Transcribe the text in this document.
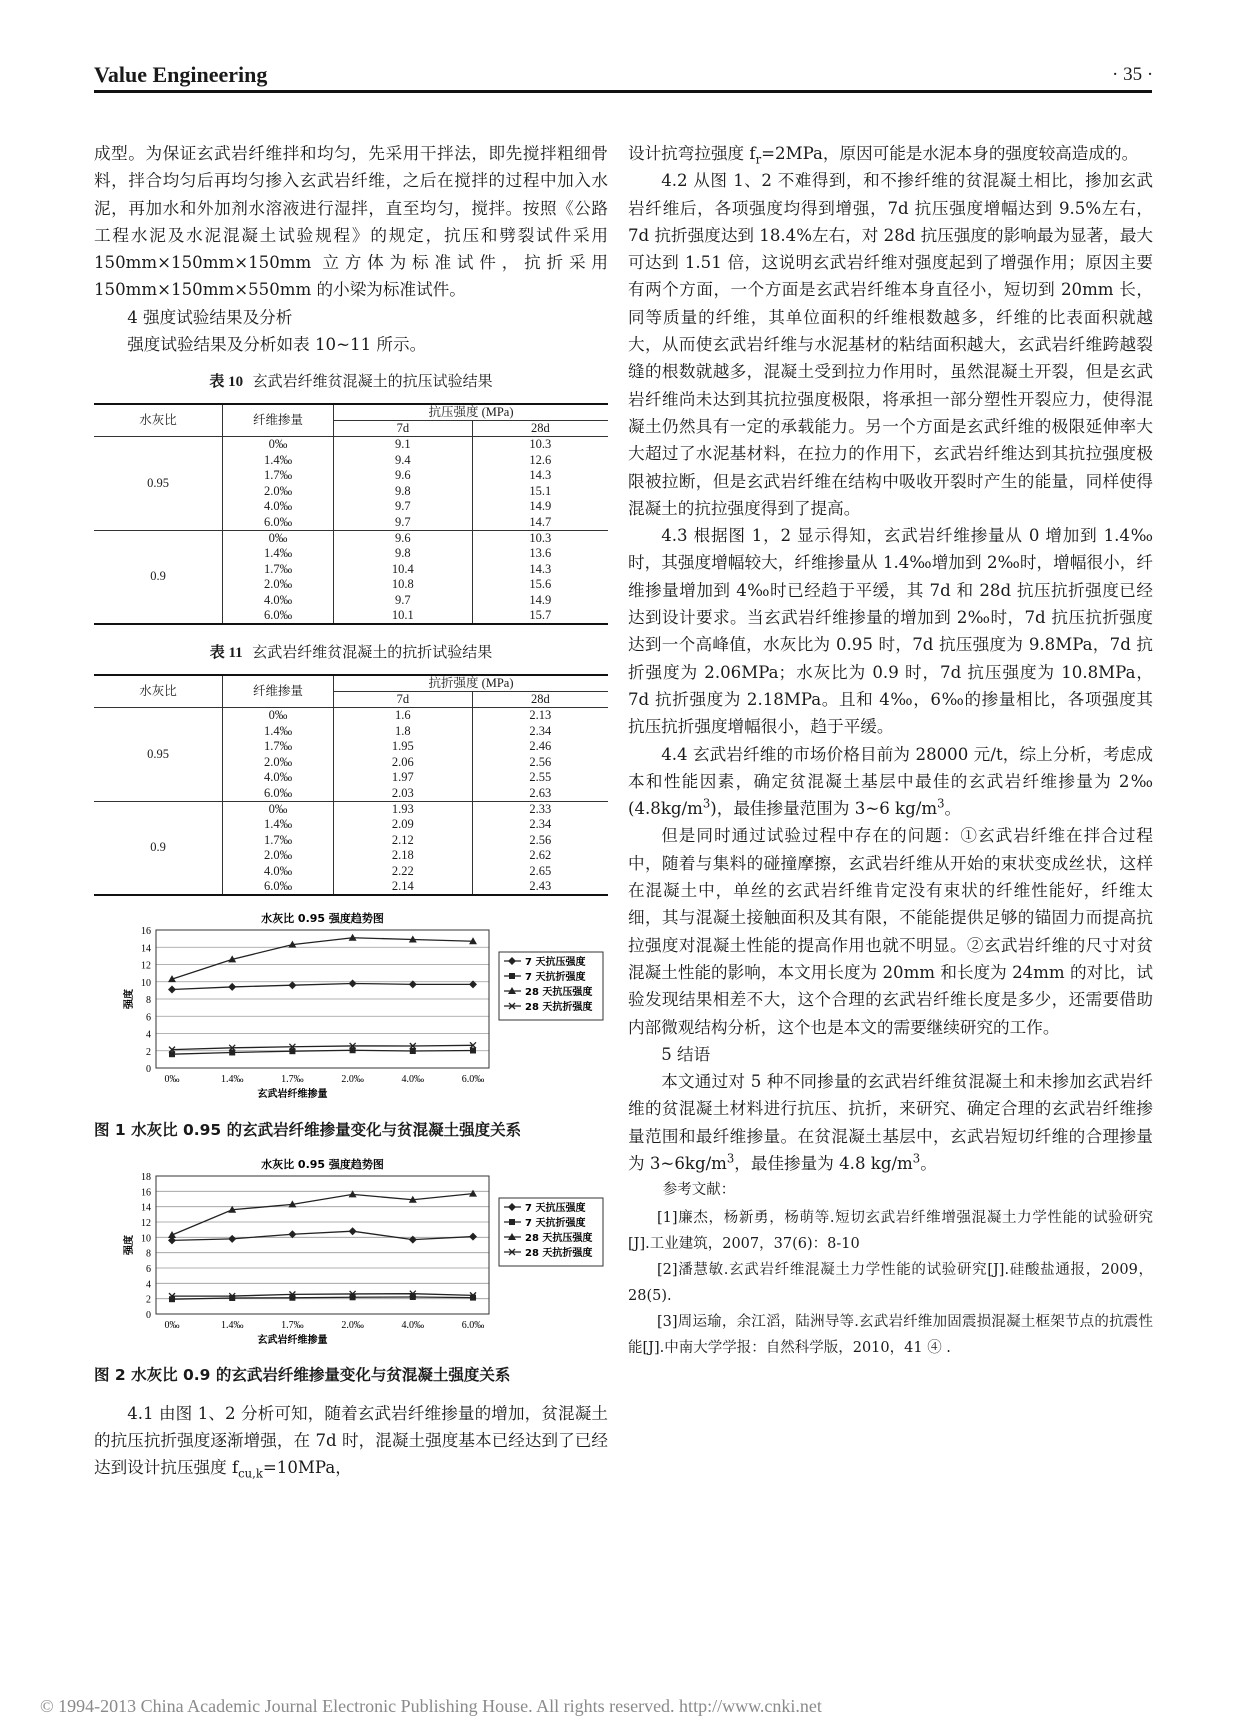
Value Engineering	· 35 ·

成型。为保证玄武岩纤维拌和均匀，先采用干拌法，即先搅拌粗细骨料，拌合均匀后再均匀掺入玄武岩纤维，之后在搅拌的过程中加入水泥，再加水和外加剂水溶液进行湿拌，直至均匀，搅拌。按照《公路工程水泥及水泥混凝土试验规程》的规定，抗压和劈裂试件采用 150mm×150mm×150mm 立方体为标准试件，抗折采用 150mm×150mm×550mm 的小梁为标准试件。

4 强度试验结果及分析

强度试验结果及分析如表 10~11 所示。

表 10 玄武岩纤维贫混凝土的抗压试验结果
水灰比	纤维掺量	抗压强度 (MPa)	
		7d	28d
0.95	0‰	9.1	10.3
	1.4‰	9.4	12.6
	1.7‰	9.6	14.3
	2.0‰	9.8	15.1
	4.0‰	9.7	14.9
	6.0‰	9.7	14.7
0.9	0‰	9.6	10.3
	1.4‰	9.8	13.6
	1.7‰	10.4	14.3
	2.0‰	10.8	15.6
	4.0‰	9.7	14.9
	6.0‰	10.1	15.7
表 11 玄武岩纤维贫混凝土的抗折试验结果
水灰比	纤维掺量	抗折强度 (MPa)	
		7d	28d
0.95	0‰	1.6	2.13
	1.4‰	1.8	2.34
	1.7‰	1.95	2.46
	2.0‰	2.06	2.56
	4.0‰	1.97	2.55
	6.0‰	2.03	2.63
0.9	0‰	1.93	2.33
	1.4‰	2.09	2.34
	1.7‰	2.12	2.56
	2.0‰	2.18	2.62
	4.0‰	2.22	2.65
	6.0‰	2.14	2.43
水灰比 0.95 强度趋势图
0
2
4
6
8
10
12
14
16
0‰	1.4‰	1.7‰	2.0‰	4.0‰	6.0‰
玄武岩纤维掺量
强度
7 天抗压强度
7 天抗折强度
28 天抗压强度
28 天抗折强度
图 1 水灰比 0.95 的玄武岩纤维掺量变化与贫混凝土强度关系
水灰比 0.95 强度趋势图
0
2
4
6
8
10
12
14
16
18
0‰	1.4‰	1.7‰	2.0‰	4.0‰	6.0‰
玄武岩纤维掺量
强度
7 天抗压强度
7 天抗折强度
28 天抗压强度
28 天抗折强度
图 2 水灰比 0.9 的玄武岩纤维掺量变化与贫混凝土强度关系

4.1 由图 1、2 分析可知，随着玄武岩纤维掺量的增加，贫混凝土的抗压抗折强度逐渐增强，在 7d 时，混凝土强度基本已经达到了已经达到设计抗压强度 $f_{cu,k}=10MPa$，

设计抗弯拉强度 $f_r=2MPa$，原因可能是水泥本身的强度较高造成的。

4.2 从图 1、2 不难得到，和不掺纤维的贫混凝土相比，掺加玄武岩纤维后，各项强度均得到增强，7d 抗压强度增幅达到 9.5%左右，7d 抗折强度达到 18.4%左右，对 28d 抗压强度的影响最为显著，最大可达到 1.51 倍，这说明玄武岩纤维对强度起到了增强作用；原因主要有两个方面，一个方面是玄武岩纤维本身直径小，短切到 20mm 长，同等质量的纤维，其单位面积的纤维根数越多，纤维的比表面积就越大，从而使玄武岩纤维与水泥基材的粘结面积越大，玄武岩纤维跨越裂缝的根数就越多，混凝土受到拉力作用时，虽然混凝土开裂，但是玄武岩纤维尚未达到其抗拉强度极限，将承担一部分塑性开裂应力，使得混凝土仍然具有一定的承载能力。另一个方面是玄武纤维的极限延伸率大大超过了水泥基材料，在拉力的作用下，玄武岩纤维达到其抗拉强度极限被拉断，但是玄武岩纤维在结构中吸收开裂时产生的能量，同样使得混凝土的抗拉强度得到了提高。

4.3 根据图 1，2 显示得知，玄武岩纤维掺量从 0 增加到 1.4‰时，其强度增幅较大，纤维掺量从 1.4‰增加到 2‰时，增幅很小，纤维掺量增加到 4‰时已经趋于平缓，其 7d 和 28d 抗压抗折强度已经达到设计要求。当玄武岩纤维掺量的增加到 2‰时，7d 抗压抗折强度达到一个高峰值，水灰比为 0.95 时，7d 抗压强度为 9.8MPa，7d 抗折强度为 2.06MPa；水灰比为 0.9 时，7d 抗压强度为 10.8MPa，7d 抗折强度为 2.18MPa。且和 4‰，6‰的掺量相比，各项强度其抗压抗折强度增幅很小，趋于平缓。

4.4 玄武岩纤维的市场价格目前为 28000 元/t，综上分析，考虑成本和性能因素，确定贫混凝土基层中最佳的玄武岩纤维掺量为 2‰ $(4.8kg/m^3)$，最佳掺量范围为 3~6 $kg/m^3$。

但是同时通过试验过程中存在的问题：①玄武岩纤维在拌合过程中，随着与集料的碰撞摩擦，玄武岩纤维从开始的束状变成丝状，这样在混凝土中，单丝的玄武岩纤维肯定没有束状的纤维性能好，纤维太细，其与混凝土接触面积及其有限，不能能提供足够的锚固力而提高抗拉强度对混凝土性能的提高作用也就不明显。②玄武岩纤维的尺寸对贫混凝土性能的影响，本文用长度为 20mm 和长度为 24mm 的对比，试验发现结果相差不大，这个合理的玄武岩纤维长度是多少，还需要借助内部微观结构分析，这个也是本文的需要继续研究的工作。

5 结语

本文通过对 5 种不同掺量的玄武岩纤维贫混凝土和未掺加玄武岩纤维的贫混凝土材料进行抗压、抗折，来研究、确定合理的玄武岩纤维掺量范围和最纤维掺量。在贫混凝土基层中，玄武岩短切纤维的合理掺量为 $3\sim 6kg/m^3$，最佳掺量为 4.8 $kg/m^3$。

参考文献：

[1]廉杰，杨新勇，杨萌等.短切玄武岩纤维增强混凝土力学性能的试验研究[J].工业建筑，2007，37(6)：8-10

[2]潘慧敏.玄武岩纤维混凝土力学性能的试验研究[J].硅酸盐通报，2009，28(5).

[3]周运瑜，余江滔，陆洲导等.玄武岩纤维加固震损混凝土框架节点的抗震性能[J].中南大学学报：自然科学版，2010，41 ④ .

© 1994-2013 China Academic Journal Electronic Publishing House. All rights reserved. http://www.cnki.net
